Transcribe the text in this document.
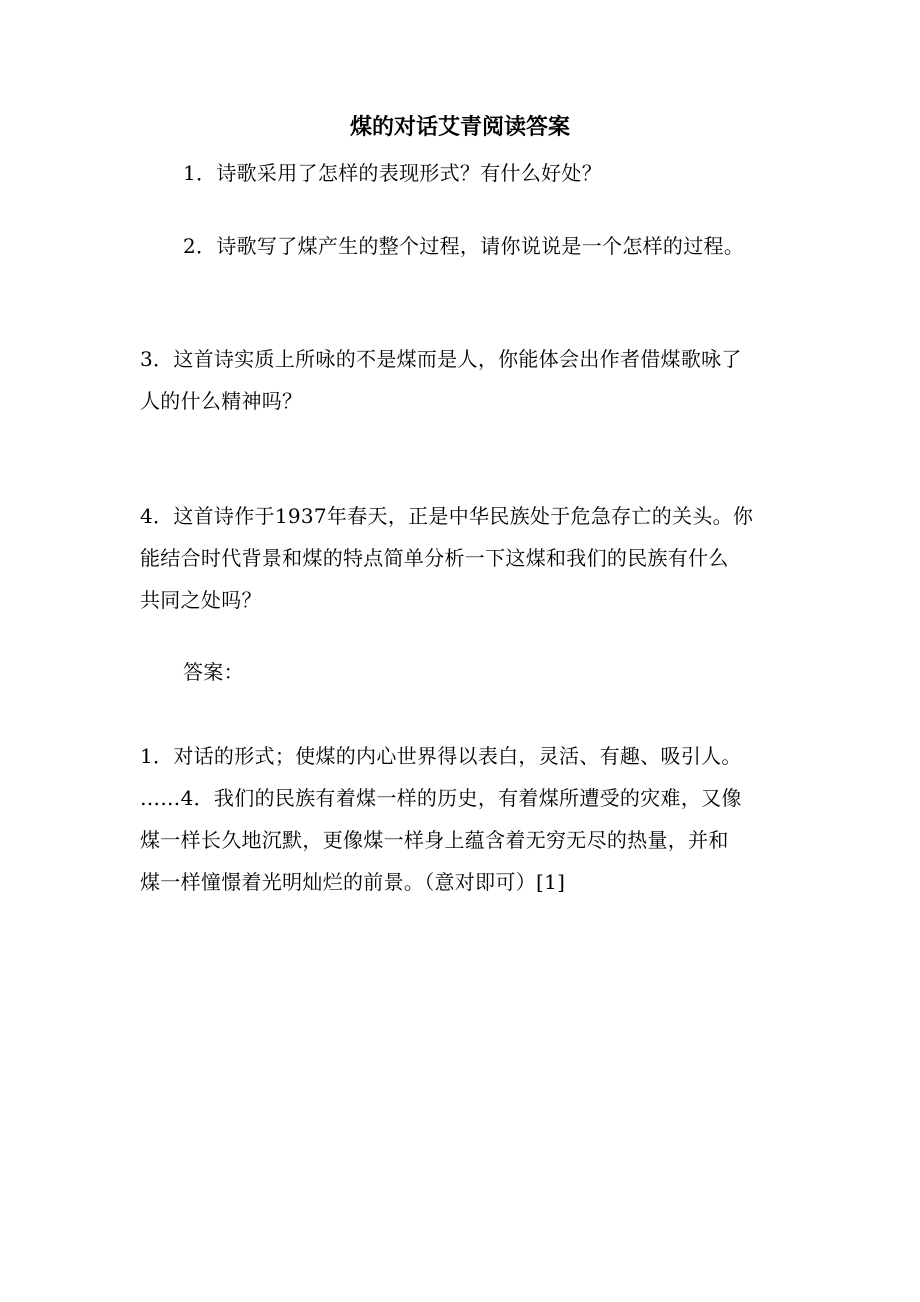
煤的对话艾青阅读答案
1．诗歌采用了怎样的表现形式？有什么好处？
2．诗歌写了煤产生的整个过程，请你说说是一个怎样的过程。
3．这首诗实质上所咏的不是煤而是人，你能体会出作者借煤歌咏了
人的什么精神吗？
4．这首诗作于1937年春天，正是中华民族处于危急存亡的关头。你
能结合时代背景和煤的特点简单分析一下这煤和我们的民族有什么
共同之处吗？
答案：
1．对话的形式；使煤的内心世界得以表白，灵活、有趣、吸引人。
……4．我们的民族有着煤一样的历史，有着煤所遭受的灾难，又像
煤一样长久地沉默，更像煤一样身上蕴含着无穷无尽的热量，并和
煤一样憧憬着光明灿烂的前景。（意对即可）[1]
